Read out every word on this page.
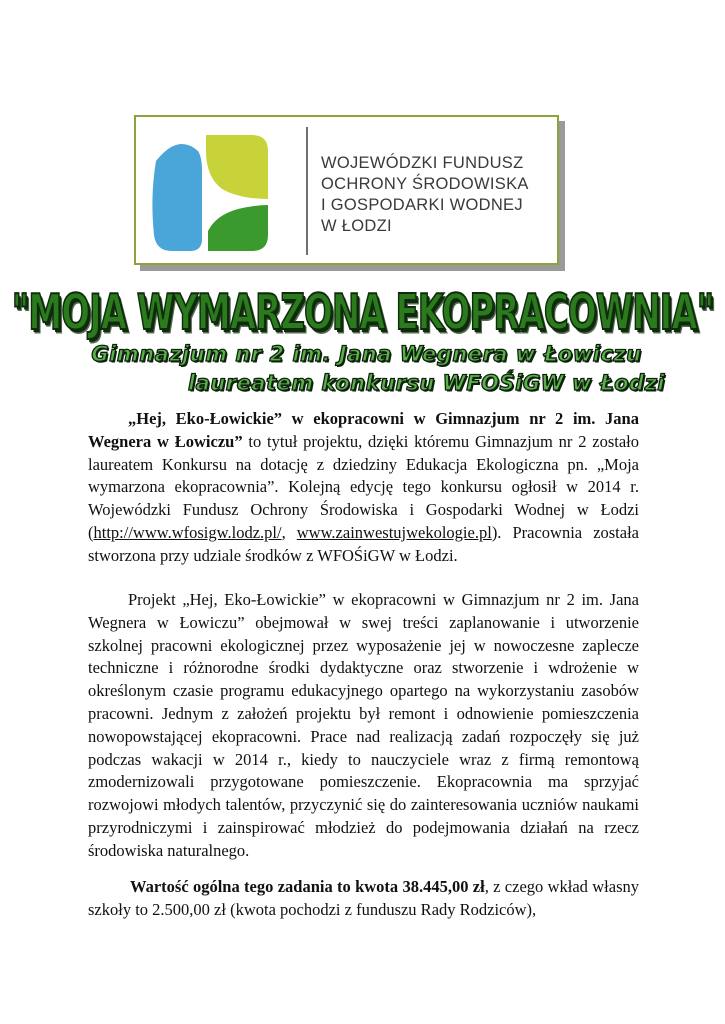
WOJEWÓDZKI FUNDUSZ
OCHRONY ŚRODOWISKA
I GOSPODARKI WODNEJ
W ŁODZI
"MOJA WYMARZONA EKOPRACOWNIA"
Gimnazjum nr 2 im. Jana Wegnera w Łowiczu
laureatem konkursu WFOŚiGW w Łodzi
„Hej, Eko-Łowickie” w ekopracowni w Gimnazjum nr 2 im. Jana Wegnera w Łowiczu” to tytuł projektu, dzięki któremu Gimnazjum nr 2 zostało laureatem Konkursu na dotację z dziedziny Edukacja Ekologiczna pn. „Moja wymarzona ekopracownia”. Kolejną edycję tego konkursu ogłosił w 2014 r. Wojewódzki Fundusz Ochrony Środowiska i Gospodarki Wodnej w Łodzi (http://www.wfosigw.lodz.pl/, www.zainwestujwekologie.pl). Pracownia została stworzona przy udziale środków z WFOŚiGW w Łodzi.
Projekt „Hej, Eko-Łowickie” w ekopracowni w Gimnazjum nr 2 im. Jana Wegnera w Łowiczu” obejmował w swej treści zaplanowanie i utworzenie szkolnej pracowni ekologicznej przez wyposażenie jej w nowoczesne zaplecze techniczne i różnorodne środki dydaktyczne oraz stworzenie i wdrożenie w określonym czasie programu edukacyjnego opartego na wykorzystaniu zasobów pracowni. Jednym z założeń projektu był remont i odnowienie pomieszczenia nowopowstającej ekopracowni. Prace nad realizacją zadań rozpoczęły się już podczas wakacji w 2014 r., kiedy to nauczyciele wraz z firmą remontową zmodernizowali przygotowane pomieszczenie. Ekopracownia ma sprzyjać rozwojowi młodych talentów, przyczynić się do zainteresowania uczniów naukami przyrodniczymi i zainspirować młodzież do podejmowania działań na rzecz środowiska naturalnego.
Wartość ogólna tego zadania to kwota 38.445,00 zł, z czego wkład własny szkoły to 2.500,00 zł (kwota pochodzi z funduszu Rady Rodziców),
